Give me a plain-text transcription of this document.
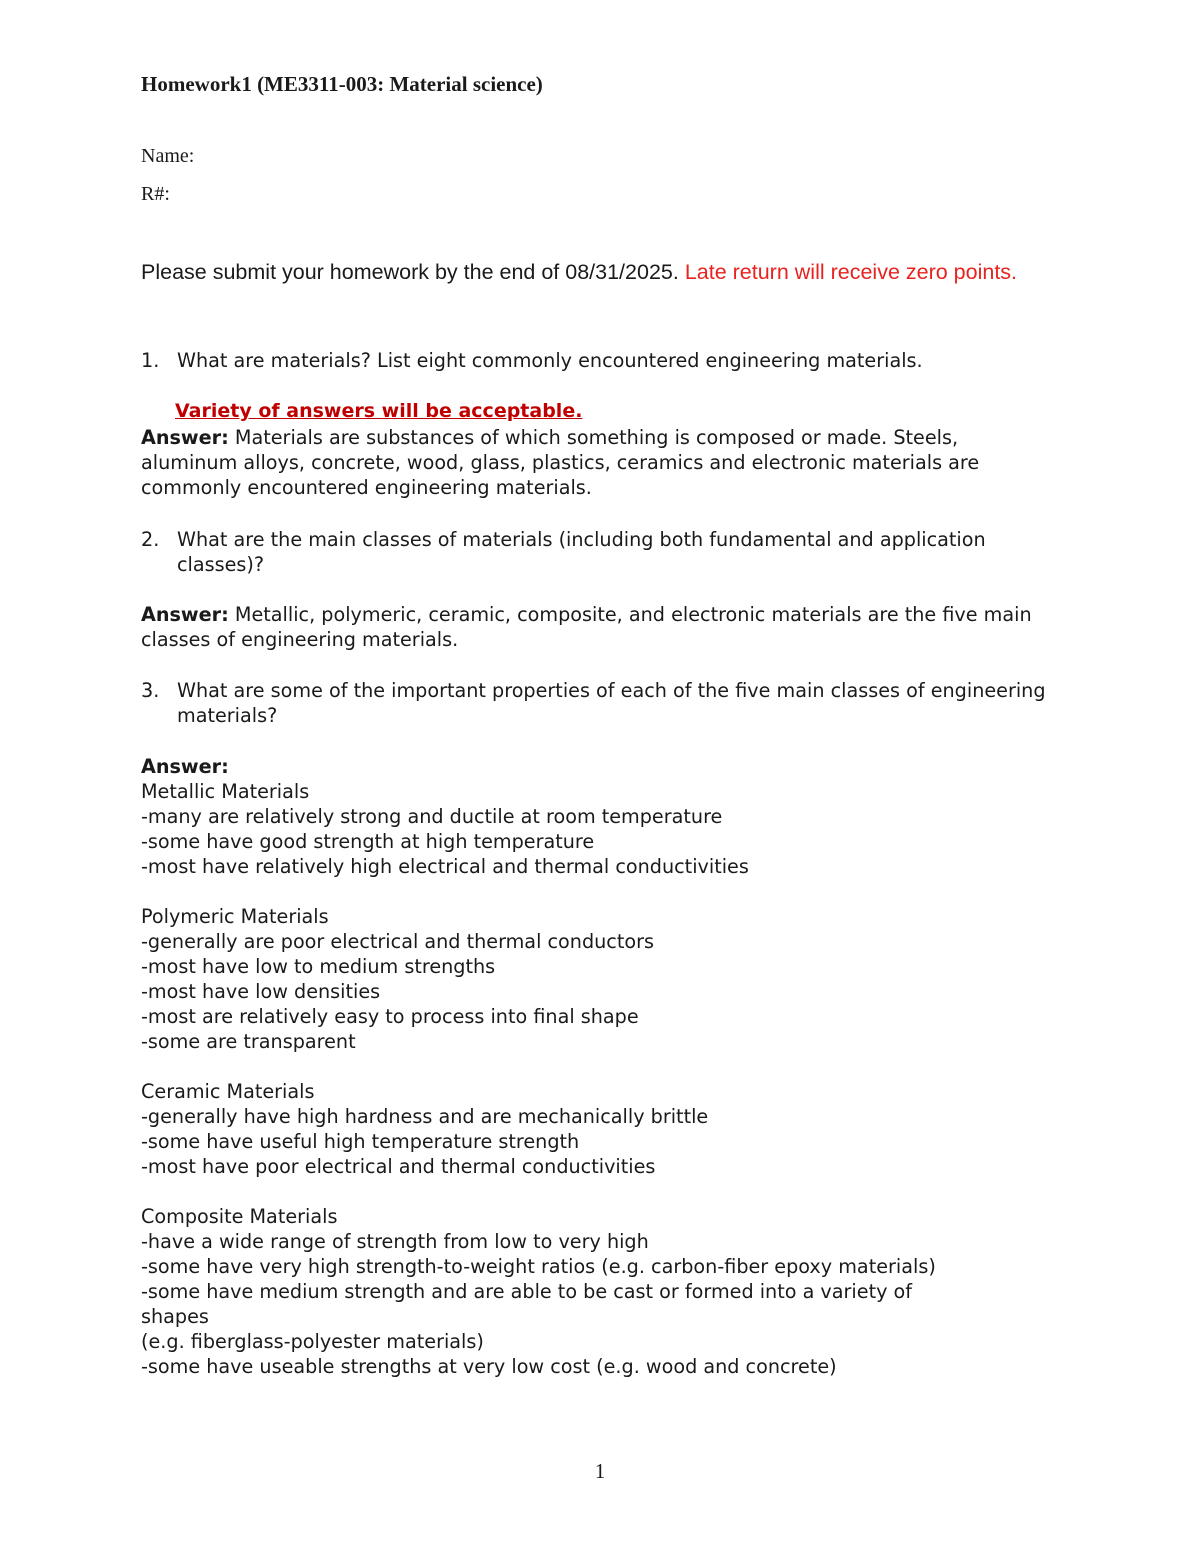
Homework1 (ME3311-003: Material science)
Name:
R#:
Please submit your homework by the end of 08/31/2025. Late return will receive zero points.
1. What are materials? List eight commonly encountered engineering materials.
Variety of answers will be acceptable.
Answer: Materials are substances of which something is composed or made. Steels, aluminum alloys, concrete, wood, glass, plastics, ceramics and electronic materials are commonly encountered engineering materials.
2. What are the main classes of materials (including both fundamental and application classes)?
Answer: Metallic, polymeric, ceramic, composite, and electronic materials are the five main classes of engineering materials.
3. What are some of the important properties of each of the five main classes of engineering materials?
Answer:
Metallic Materials
-many are relatively strong and ductile at room temperature
-some have good strength at high temperature
-most have relatively high electrical and thermal conductivities
Polymeric Materials
-generally are poor electrical and thermal conductors
-most have low to medium strengths
-most have low densities
-most are relatively easy to process into final shape
-some are transparent
Ceramic Materials
-generally have high hardness and are mechanically brittle
-some have useful high temperature strength
-most have poor electrical and thermal conductivities
Composite Materials
-have a wide range of strength from low to very high
-some have very high strength-to-weight ratios (e.g. carbon-fiber epoxy materials)
-some have medium strength and are able to be cast or formed into a variety of
shapes
(e.g. fiberglass-polyester materials)
-some have useable strengths at very low cost (e.g. wood and concrete)
1
